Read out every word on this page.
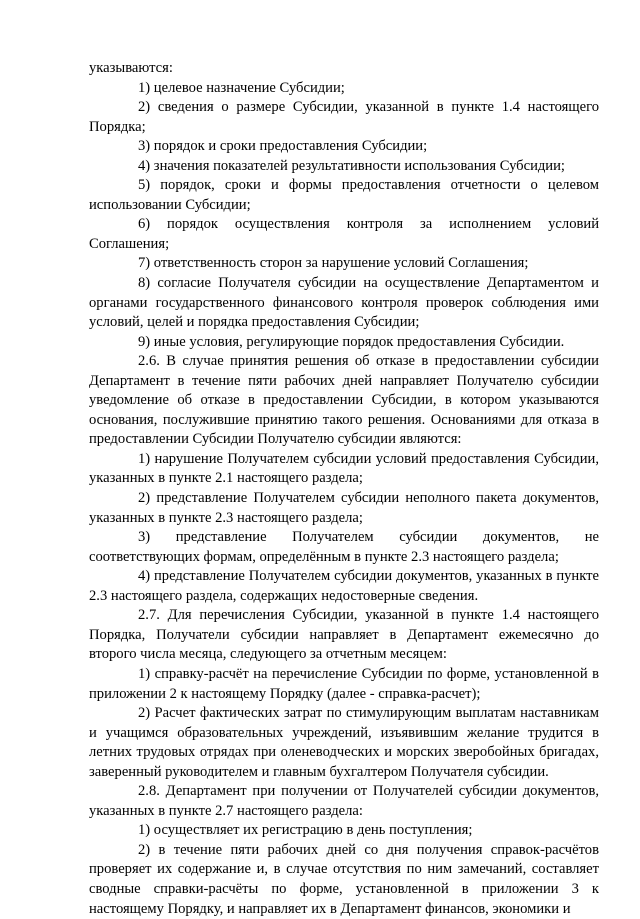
указываются:

1) целевое назначение Субсидии;

2) сведения о размере Субсидии, указанной в пункте 1.4 настоящего Порядка;

3) порядок и сроки предоставления Субсидии;

4) значения показателей результативности использования Субсидии;

5) порядок, сроки и формы предоставления отчетности о целевом использовании Субсидии;

6) порядок осуществления контроля за исполнением условий Соглашения;

7) ответственность сторон за нарушение условий Соглашения;

8) согласие Получателя субсидии на осуществление Департаментом и органами государственного финансового контроля проверок соблюдения ими условий, целей и порядка предоставления Субсидии;

9) иные условия, регулирующие порядок предоставления Субсидии.

2.6. В случае принятия решения об отказе в предоставлении субсидии Департамент в течение пяти рабочих дней направляет Получателю субсидии уведомление об отказе в предоставлении Субсидии, в котором указываются основания, послужившие принятию такого решения. Основаниями для отказа в предоставлении Субсидии Получателю субсидии являются:

1) нарушение Получателем субсидии условий предоставления Субсидии, указанных в пункте 2.1 настоящего раздела;

2) представление Получателем субсидии неполного пакета документов, указанных в пункте 2.3 настоящего раздела;

3) представление Получателем субсидии документов, не соответствующих формам, определённым в пункте 2.3 настоящего раздела;

4) представление Получателем субсидии документов, указанных в пункте 2.3 настоящего раздела, содержащих недостоверные сведения.

2.7. Для перечисления Субсидии, указанной в пункте 1.4 настоящего Порядка, Получатели субсидии направляет в Департамент ежемесячно до второго числа месяца, следующего за отчетным месяцем:

1) справку-расчёт на перечисление Субсидии по форме, установленной в приложении 2 к настоящему Порядку (далее - справка-расчет);

2) Расчет фактических затрат по стимулирующим выплатам наставникам и учащимся образовательных учреждений, изъявившим желание трудится в летних трудовых отрядах при оленеводческих и морских зверобойных бригадах, заверенный руководителем и главным бухгалтером Получателя субсидии.

2.8. Департамент при получении от Получателей субсидии документов, указанных в пункте 2.7 настоящего раздела:

1) осуществляет их регистрацию в день поступления;

2) в течение пяти рабочих дней со дня получения справок-расчётов проверяет их содержание и, в случае отсутствия по ним замечаний, составляет сводные справки-расчёты по форме, установленной в приложении 3 к настоящему Порядку, и направляет их в Департамент финансов, экономики и
